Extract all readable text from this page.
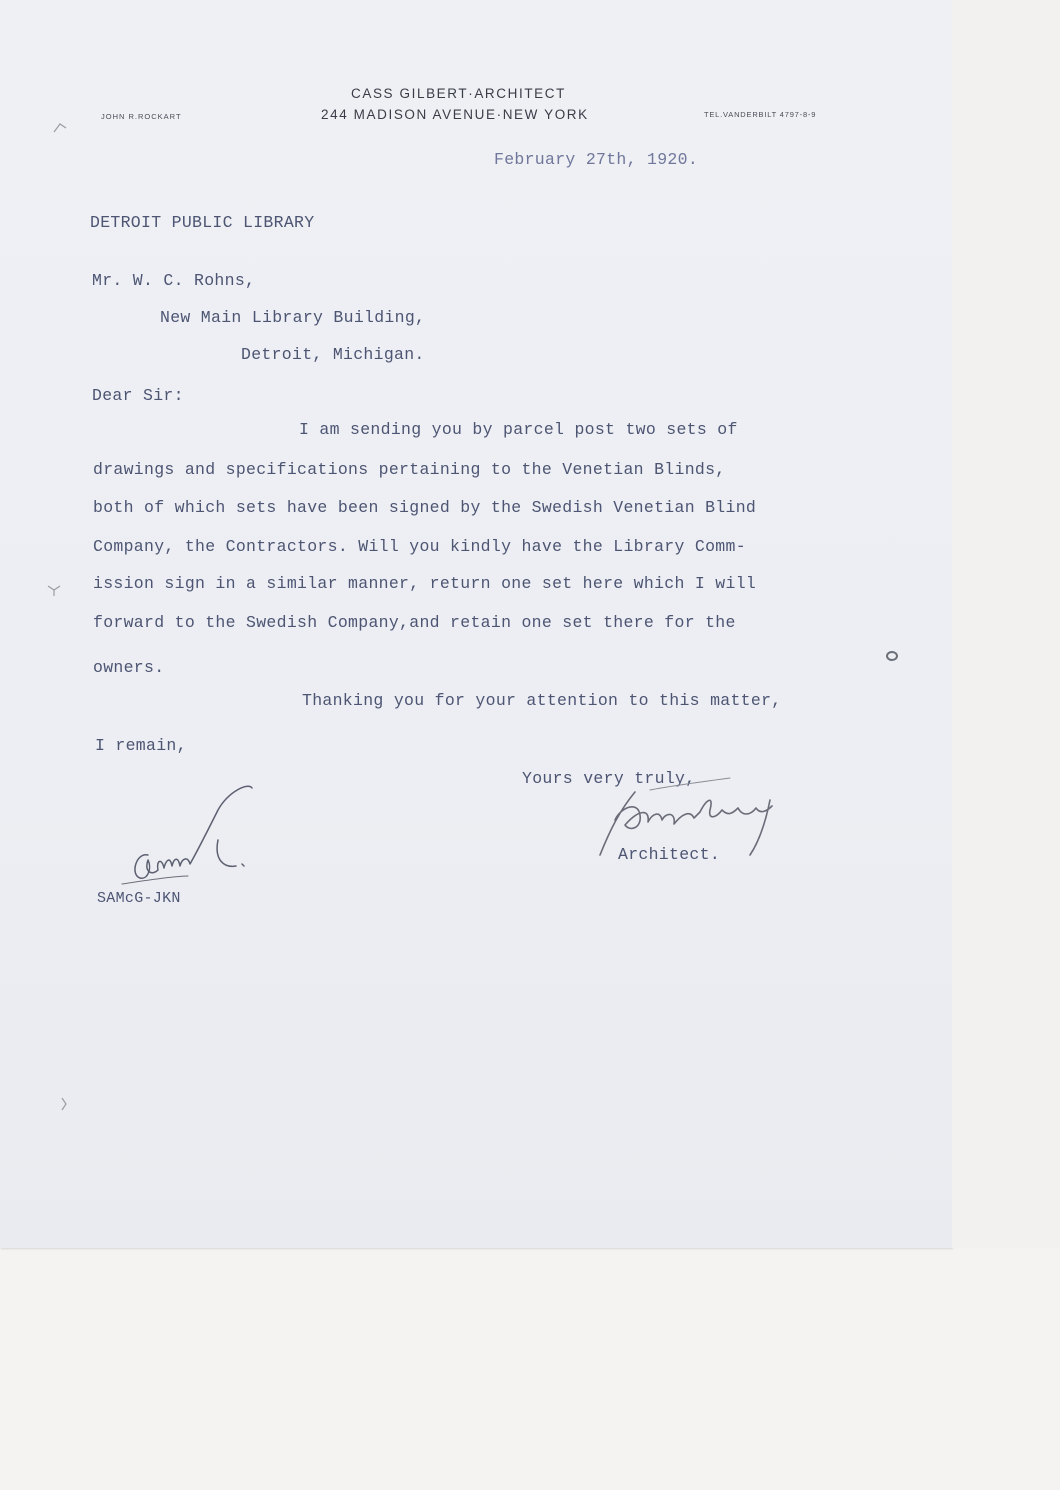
CASS GILBERT·ARCHITECT
244 MADISON AVENUE·NEW YORK
JOHN R.ROCKART	TEL.VANDERBILT 4797-8-9
February 27th, 1920.
DETROIT PUBLIC LIBRARY
Mr. W. C. Rohns,
New Main Library Building,
Detroit, Michigan.
Dear Sir:
I am sending you by parcel post two sets of
drawings and specifications pertaining to the Venetian Blinds,
both of which sets have been signed by the Swedish Venetian Blind
Company, the Contractors. Will you kindly have the Library Comm-
ission sign in a similar manner, return one set here which I will
forward to the Swedish Company,and retain one set there for the
owners.
Thanking you for your attention to this matter,
I remain,
Yours very truly,
Architect.
SAMcG-JKN
